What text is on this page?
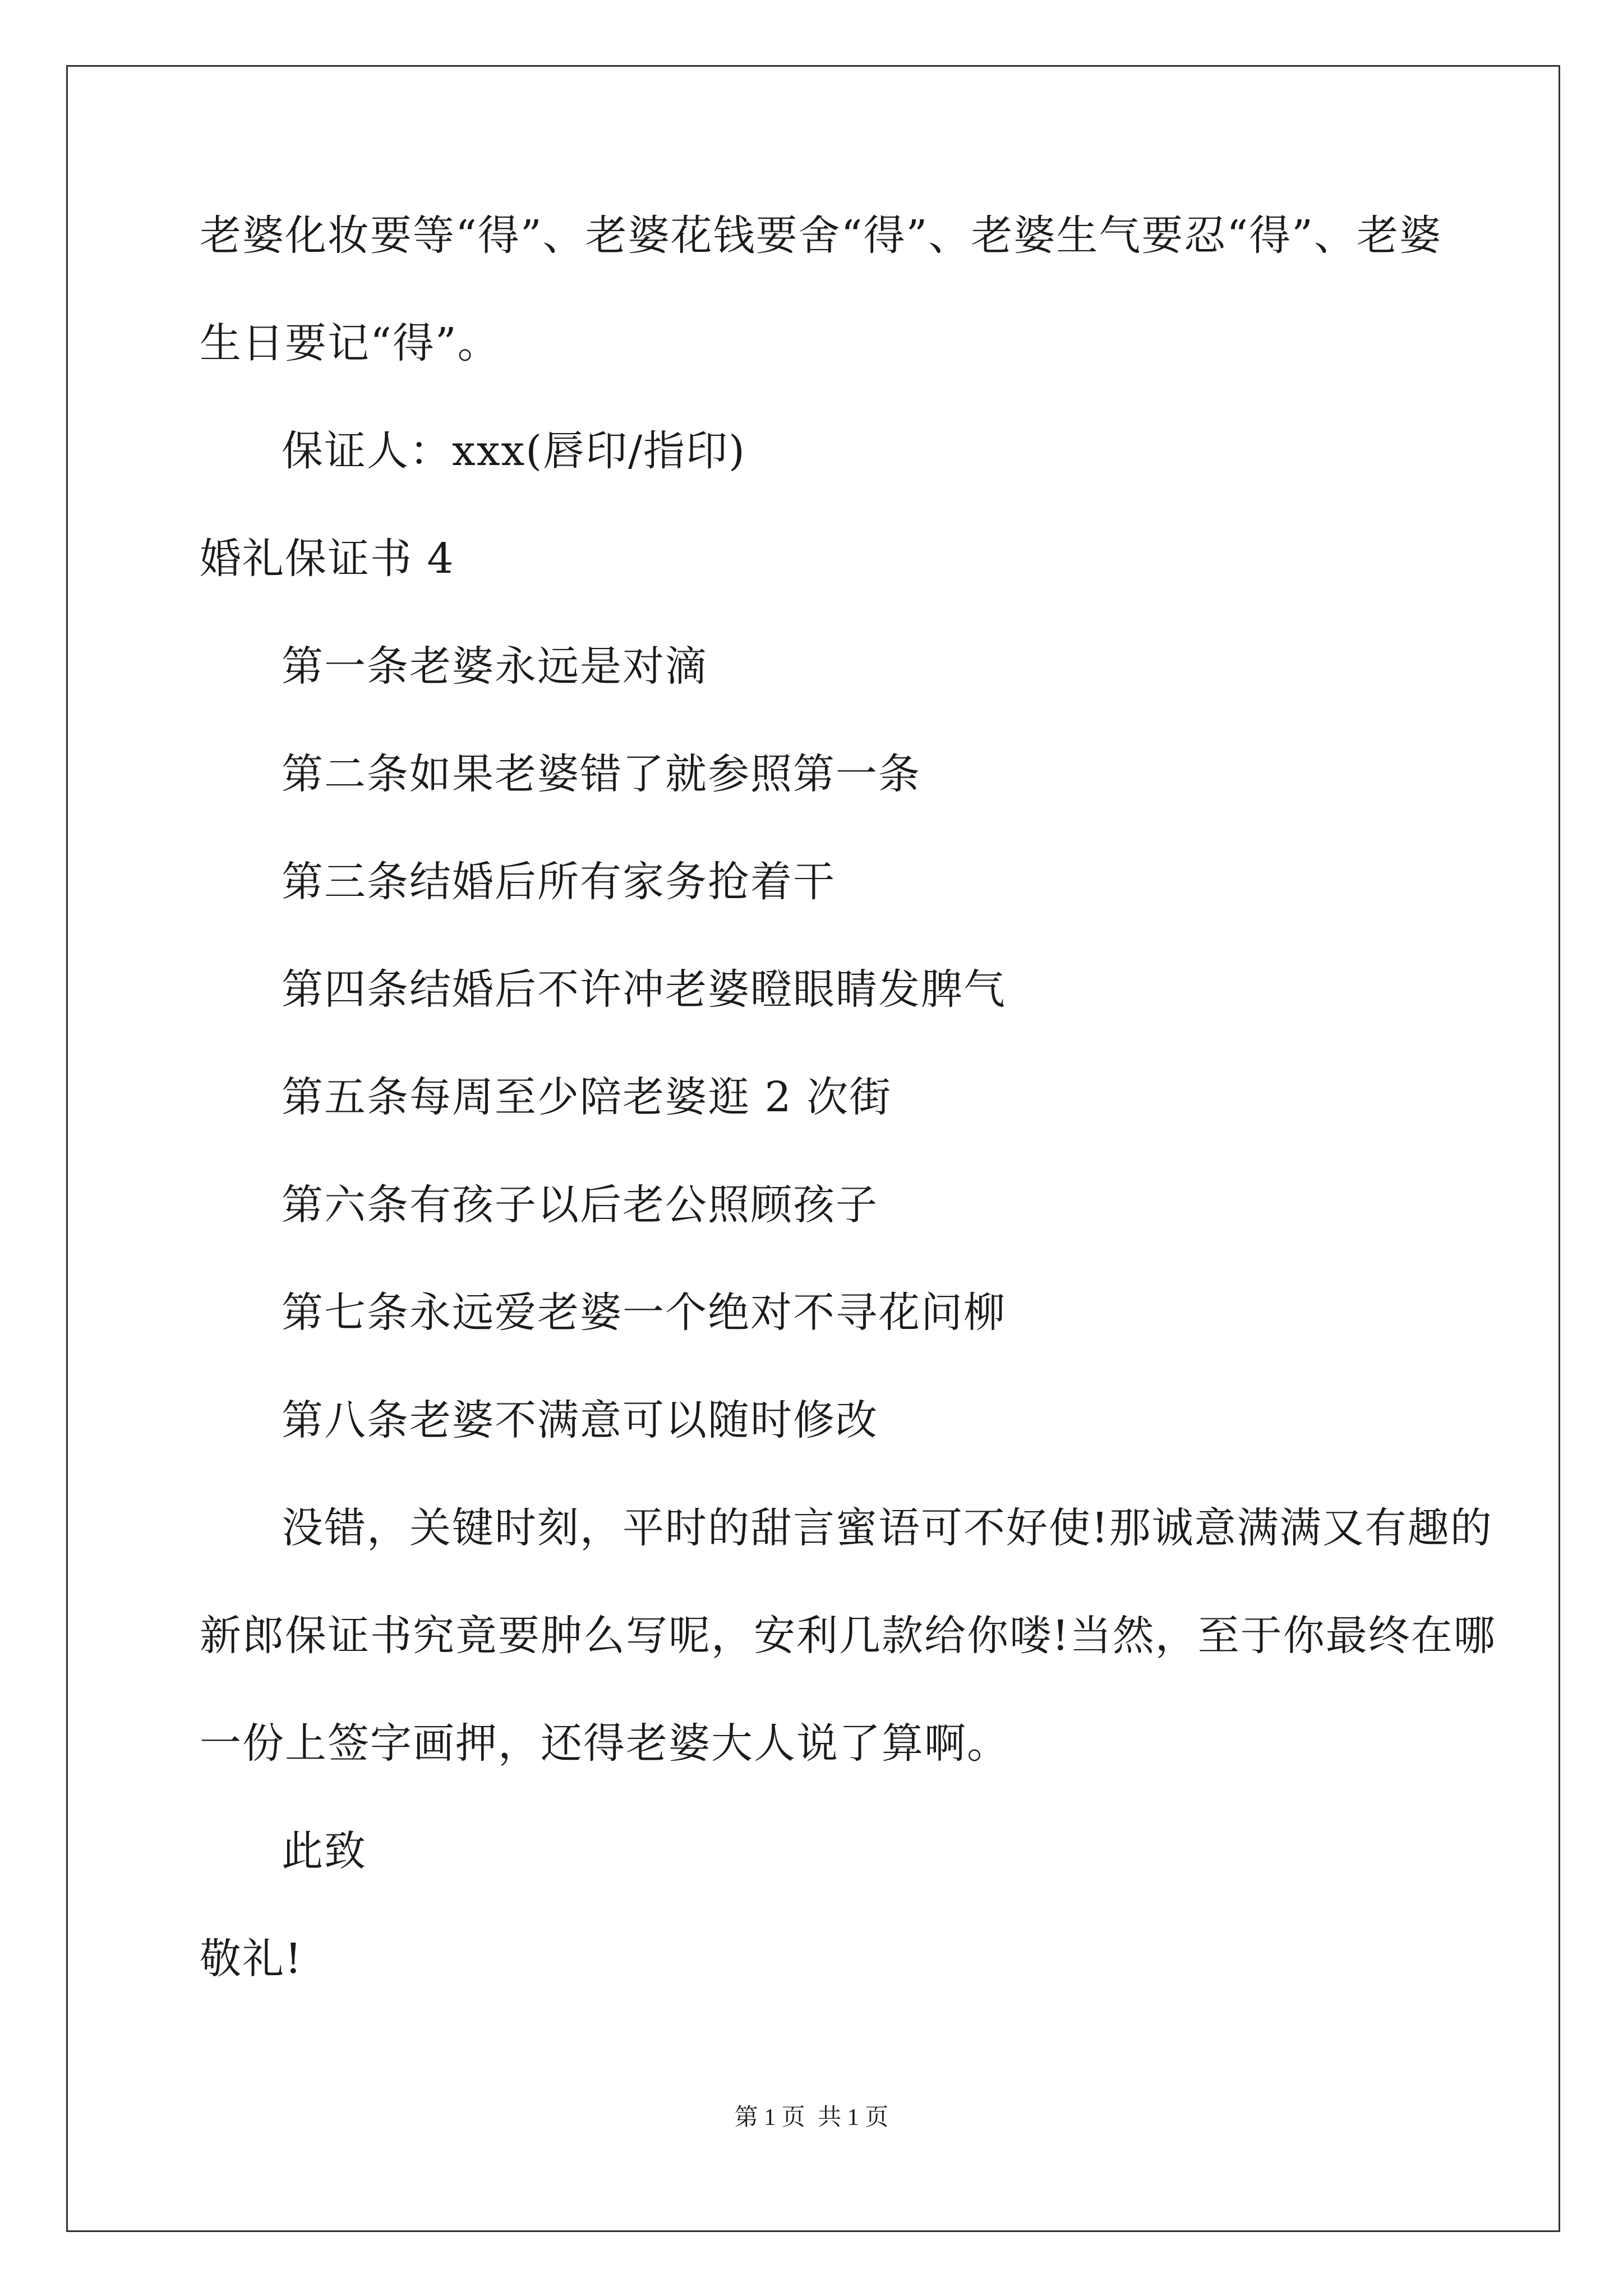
老婆化妆要等“得”、老婆花钱要舍“得”、老婆生气要忍“得”、老婆
生日要记“得”。
保证人：xxx(唇印/指印)
婚礼保证书 4
第一条老婆永远是对滴
第二条如果老婆错了就参照第一条
第三条结婚后所有家务抢着干
第四条结婚后不许冲老婆瞪眼睛发脾气
第五条每周至少陪老婆逛 2 次街
第六条有孩子以后老公照顾孩子
第七条永远爱老婆一个绝对不寻花问柳
第八条老婆不满意可以随时修改
没错，关键时刻，平时的甜言蜜语可不好使!那诚意满满又有趣的
新郎保证书究竟要肿么写呢，安利几款给你喽!当然，至于你最终在哪
一份上签字画押，还得老婆大人说了算啊。
此致
敬礼!
第 1 页 共 1 页
